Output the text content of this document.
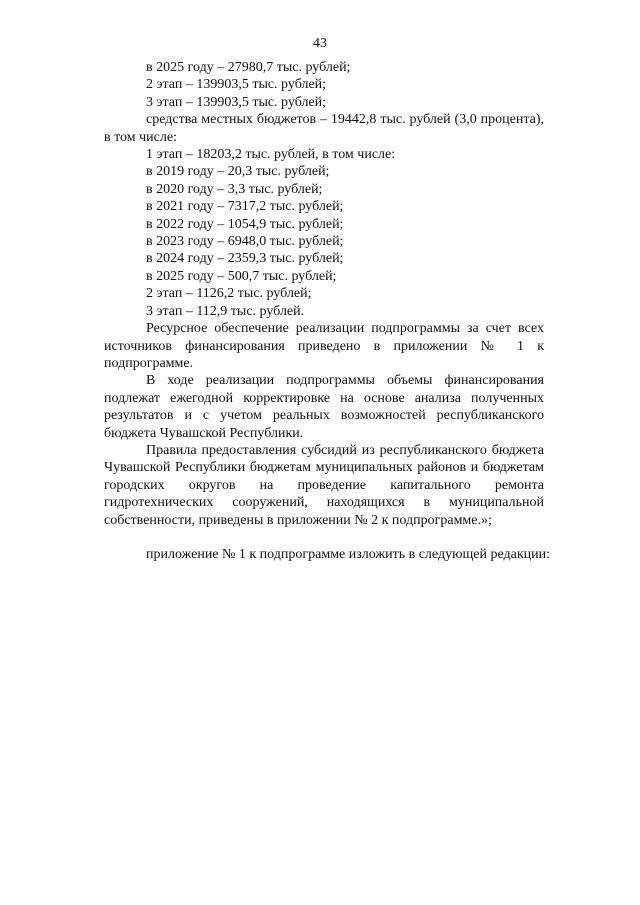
43
в 2025 году – 27980,7 тыс. рублей;
2 этап – 139903,5 тыс. рублей;
3 этап – 139903,5 тыс. рублей;

средства местных бюджетов – 19442,8 тыс. рублей (3,0 процента), в том числе:

1 этап – 18203,2 тыс. рублей, в том числе:
в 2019 году – 20,3 тыс. рублей;
в 2020 году – 3,3 тыс. рублей;
в 2021 году – 7317,2 тыс. рублей;
в 2022 году – 1054,9 тыс. рублей;
в 2023 году – 6948,0 тыс. рублей;
в 2024 году – 2359,3 тыс. рублей;
в 2025 году – 500,7 тыс. рублей;
2 этап – 1126,2 тыс. рублей;
3 этап – 112,9 тыс. рублей.

Ресурсное обеспечение реализации подпрограммы за счет всех источников финансирования приведено в приложении № 1 к подпрограмме.

В ходе реализации подпрограммы объемы финансирования подлежат ежегодной корректировке на основе анализа полученных результатов и с учетом реальных возможностей республиканского бюджета Чувашской Республики.

Правила предоставления субсидий из республиканского бюджета Чувашской Республики бюджетам муниципальных районов и бюджетам городских округов на проведение капитального ремонта гидротехнических сооружений, находящихся в муниципальной собственности, приведены в приложении № 2 к подпрограмме.»;

приложение № 1 к подпрограмме изложить в следующей редакции:
